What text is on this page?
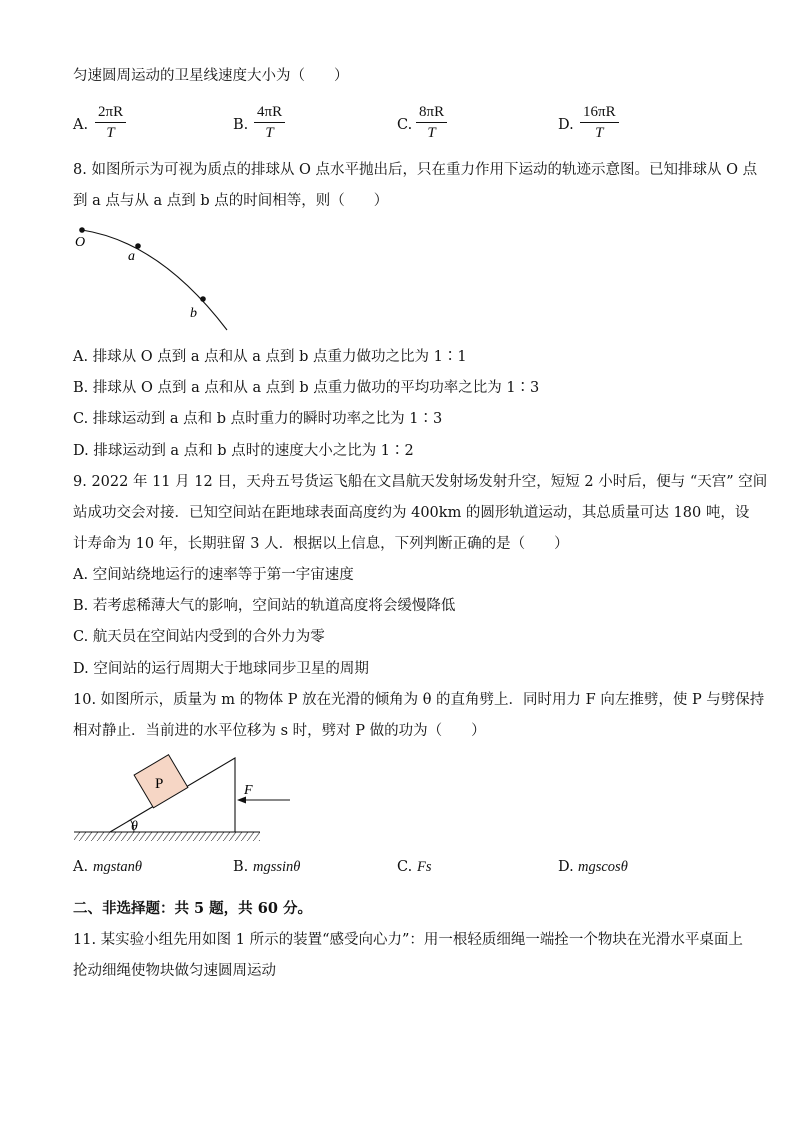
匀速圆周运动的卫星线速度大小为（　　）
A. $\frac{2\pi R}{T}$	B. $\frac{4\pi R}{T}$	C. $\frac{8\pi R}{T}$	D. $\frac{16\pi R}{T}$
8. 如图所示为可视为质点的排球从 O 点水平抛出后，只在重力作用下运动的轨迹示意图。已知排球从 O 点
到 a 点与从 a 点到 b 点的时间相等，则（　　）
O
a
b
A. 排球从 O 点到 a 点和从 a 点到 b 点重力做功之比为 1∶1
B. 排球从 O 点到 a 点和从 a 点到 b 点重力做功的平均功率之比为 1∶3
C. 排球运动到 a 点和 b 点时重力的瞬时功率之比为 1∶3
D. 排球运动到 a 点和 b 点时的速度大小之比为 1∶2
9. 2022 年 11 月 12 日，天舟五号货运飞船在文昌航天发射场发射升空，短短 2 小时后，便与 “天宫” 空间
站成功交会对接．已知空间站在距地球表面高度约为 400km 的圆形轨道运动，其总质量可达 180 吨，设
计寿命为 10 年，长期驻留 3 人．根据以上信息，下列判断正确的是（　　）
A. 空间站绕地运行的速率等于第一宇宙速度
B. 若考虑稀薄大气的影响，空间站的轨道高度将会缓慢降低
C. 航天员在空间站内受到的合外力为零
D. 空间站的运行周期大于地球同步卫星的周期
10. 如图所示，质量为 m 的物体 P 放在光滑的倾角为 θ 的直角劈上．同时用力 F 向左推劈，使 P 与劈保持
相对静止．当前进的水平位移为 s 时，劈对 P 做的功为（　　）
θ
P	F
A. mgstanθ	B. mgssinθ	C. Fs	D. mgscosθ
二、非选择题：共 5 题，共 60 分。
11. 某实验小组先用如图 1 所示的装置“感受向心力”：用一根轻质细绳一端拴一个物块在光滑水平桌面上
抡动细绳使物块做匀速圆周运动
